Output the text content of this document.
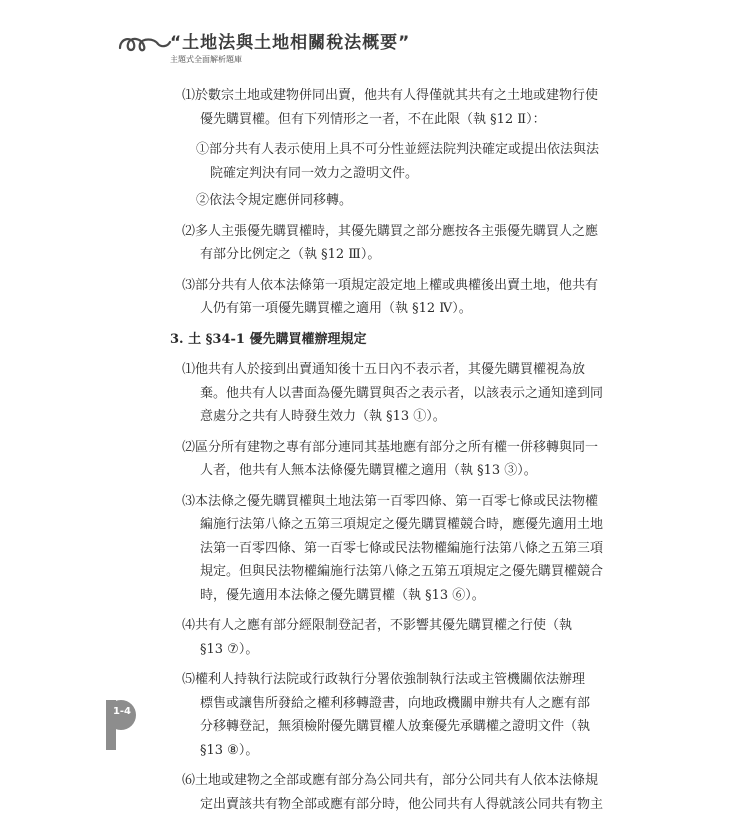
“土地法與土地相關稅法概要”
主題式全面解析題庫
⑴於數宗土地或建物併同出賣，他共有人得僅就其共有之土地或建物行使
優先購買權。但有下列情形之一者，不在此限（執 §12 Ⅱ）：
①部分共有人表示使用上具不可分性並經法院判決確定或提出依法與法
院確定判決有同一效力之證明文件。
②依法令規定應併同移轉。
⑵多人主張優先購買權時，其優先購買之部分應按各主張優先購買人之應
有部分比例定之（執 §12 Ⅲ）。
⑶部分共有人依本法條第一項規定設定地上權或典權後出賣土地，他共有
人仍有第一項優先購買權之適用（執 §12 Ⅳ）。
3. 土 §34-1 優先購買權辦理規定
⑴他共有人於接到出賣通知後十五日內不表示者，其優先購買權視為放
棄。他共有人以書面為優先購買與否之表示者，以該表示之通知達到同
意處分之共有人時發生效力（執 §13 ①）。
⑵區分所有建物之專有部分連同其基地應有部分之所有權一併移轉與同一
人者，他共有人無本法條優先購買權之適用（執 §13 ③）。
⑶本法條之優先購買權與土地法第一百零四條、第一百零七條或民法物權
編施行法第八條之五第三項規定之優先購買權競合時，應優先適用土地
法第一百零四條、第一百零七條或民法物權編施行法第八條之五第三項
規定。但與民法物權編施行法第八條之五第五項規定之優先購買權競合
時，優先適用本法條之優先購買權（執 §13 ⑥）。
⑷共有人之應有部分經限制登記者，不影響其優先購買權之行使（執
§13 ⑦）。
⑸權利人持執行法院或行政執行分署依強制執行法或主管機關依法辦理
標售或讓售所發給之權利移轉證書，向地政機關申辦共有人之應有部
分移轉登記，無須檢附優先購買權人放棄優先承購權之證明文件（執
§13 ⑧）。
⑹土地或建物之全部或應有部分為公同共有，部分公同共有人依本法條規
定出賣該共有物全部或應有部分時，他公同共有人得就該公同共有物主
1-4
